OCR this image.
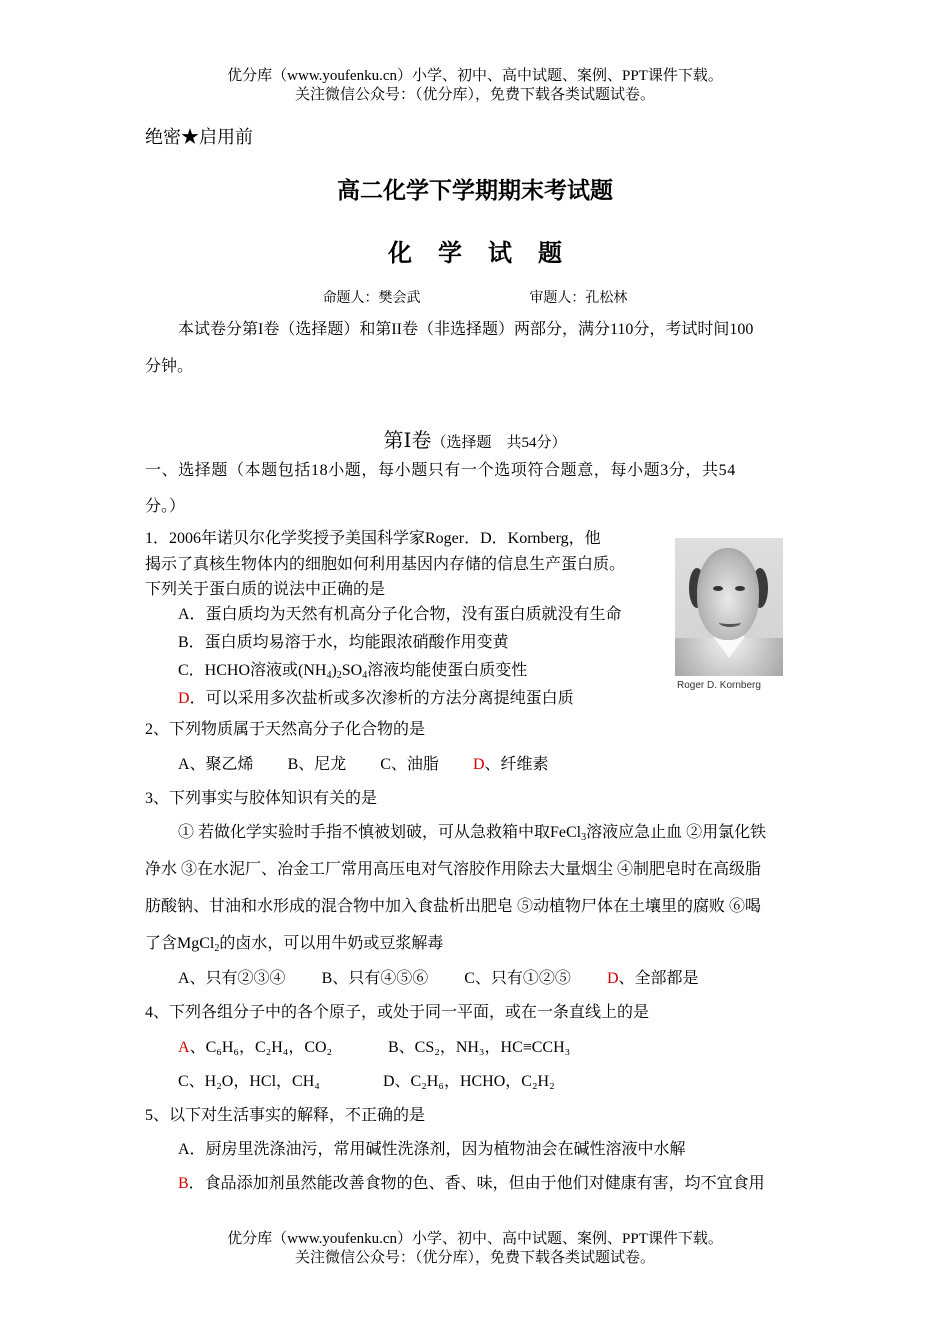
优分库（www.youfenku.cn）小学、初中、高中试题、案例、PPT课件下载。
关注微信公众号：（优分库），免费下载各类试题试卷。
绝密★启用前
高二化学下学期期末考试题
化学试题
命题人：樊会武	审题人：孔松林
本试卷分第I卷（选择题）和第II卷（非选择题）两部分，满分110分，考试时间100
分钟。
第Ⅰ卷（选择题　共54分）
一、选择题（本题包括18小题，每小题只有一个选项符合题意，每小题3分，共54
分。）
1．2006年诺贝尔化学奖授予美国科学家Roger．D．Kornberg，他
揭示了真核生物体内的细胞如何利用基因内存储的信息生产蛋白质。
下列关于蛋白质的说法中正确的是
A．蛋白质均为天然有机高分子化合物，没有蛋白质就没有生命
B．蛋白质均易溶于水，均能跟浓硝酸作用变黄
C．HCHO溶液或$(NH_4)_2SO_4$溶液均能使蛋白质变性
D．可以采用多次盐析或多次渗析的方法分离提纯蛋白质
Roger D. Kornberg
2、下列物质属于天然高分子化合物的是
A、聚乙烯 B、尼龙 C、油脂 D、纤维素
3、下列事实与胶体知识有关的是
① 若做化学实验时手指不慎被划破，可从急救箱中取FeCl$_3$溶液应急止血 ②用氯化铁
净水 ③在水泥厂、冶金工厂常用高压电对气溶胶作用除去大量烟尘 ④制肥皂时在高级脂
肪酸钠、甘油和水形成的混合物中加入食盐析出肥皂 ⑤动植物尸体在土壤里的腐败 ⑥喝
了含MgCl$_2$的卤水，可以用牛奶或豆浆解毒
A、只有②③④ B、只有④⑤⑥ C、只有①②⑤ D、全部都是
4、下列各组分子中的各个原子，或处于同一平面，或在一条直线上的是
A、C₆H₆，C₂H₄，CO₂	B、CS₂，NH₃，HC≡CCH₃
C、H₂O，HCl，CH₄	D、C₂H₆，HCHO，C₂H₂
5、以下对生活事实的解释，不正确的是
A．厨房里洗涤油污，常用碱性洗涤剂，因为植物油会在碱性溶液中水解
B．食品添加剂虽然能改善食物的色、香、味，但由于他们对健康有害，均不宜食用
优分库（www.youfenku.cn）小学、初中、高中试题、案例、PPT课件下载。
关注微信公众号：（优分库），免费下载各类试题试卷。
